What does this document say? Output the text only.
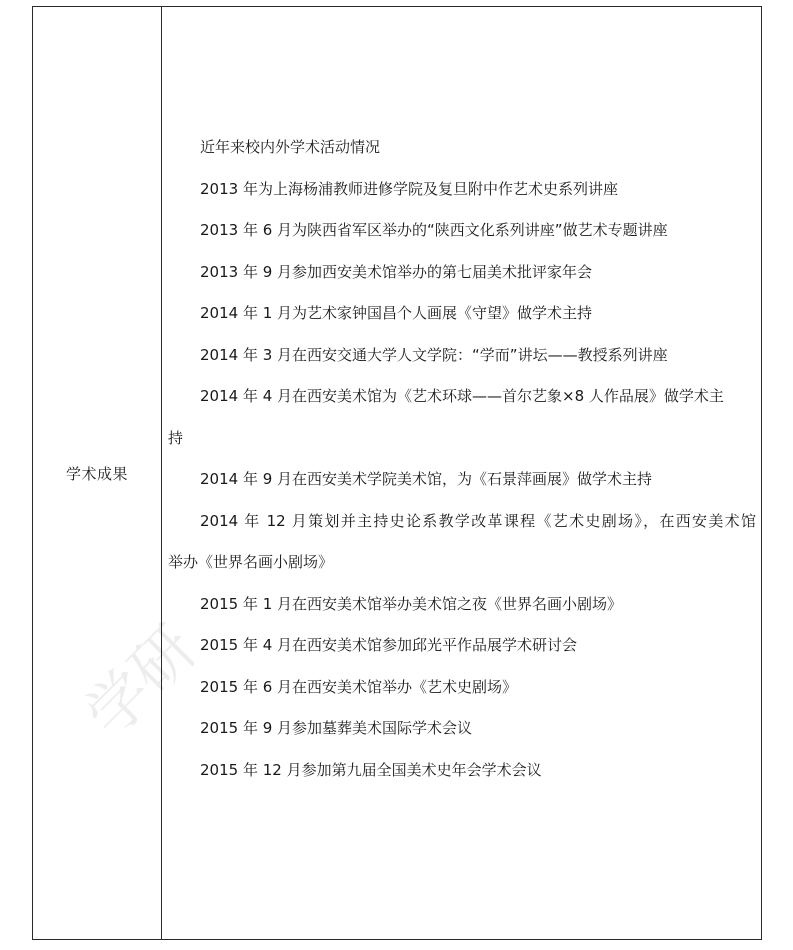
学术成果
近年来校内外学术活动情况
2013 年为上海杨浦教师进修学院及复旦附中作艺术史系列讲座
2013 年 6 月为陕西省军区举办的“陕西文化系列讲座”做艺术专题讲座
2013 年 9 月参加西安美术馆举办的第七届美术批评家年会
2014 年 1 月为艺术家钟国昌个人画展《守望》做学术主持
2014 年 3 月在西安交通大学人文学院：“学而”讲坛——教授系列讲座
2014 年 4 月在西安美术馆为《艺术环球——首尔艺象×8 人作品展》做学术主
持
2014 年 9 月在西安美术学院美术馆，为《石景萍画展》做学术主持
2014 年 12 月策划并主持史论系教学改革课程《艺术史剧场》，在西安美术馆
举办《世界名画小剧场》
2015 年 1 月在西安美术馆举办美术馆之夜《世界名画小剧场》
2015 年 4 月在西安美术馆参加邱光平作品展学术研讨会
2015 年 6 月在西安美术馆举办《艺术史剧场》
2015 年 9 月参加墓葬美术国际学术会议
2015 年 12 月参加第九届全国美术史年会学术会议
学研
